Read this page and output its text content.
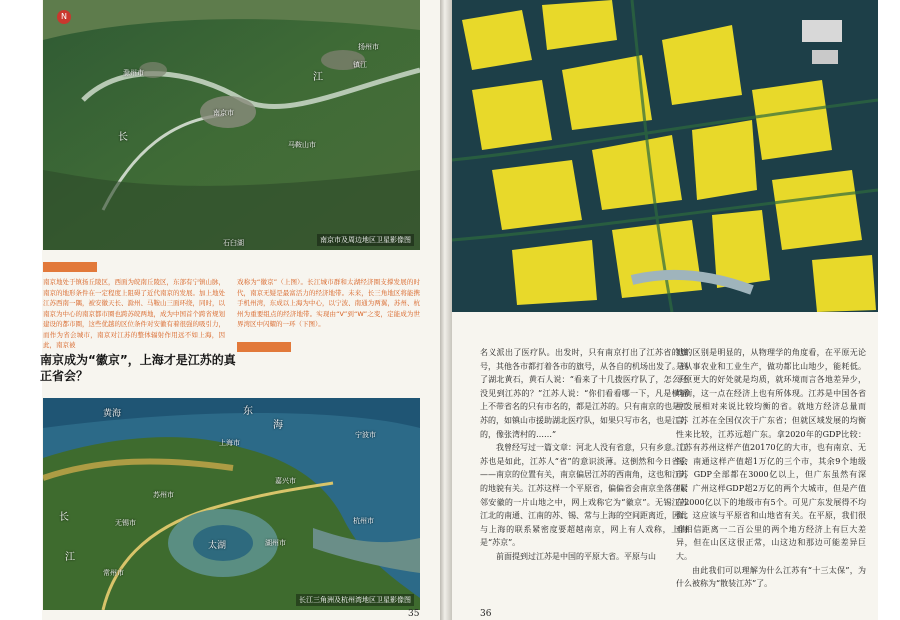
N
镇江
扬州市
南京市
马鞍山市
滁州市	江
长
石臼湖	南京市及周边地区卫星影像图
南京地处于镇扬丘陵区，西面为皖南丘陵区，东部有宁镇山脉，南京的地形条件在一定程度上阻碍了近代南京的发展。加上地处江苏西南一隅，被安徽天长、滁州、马鞍山三面环绕，同时，以南京为中心的南京都市圈也跨苏皖两地，成为中国首个跨省规划建设的都市圈，这些优越的区位条件对安徽有着很强的吸引力，而作为省会城市，南京对江苏的整体辐射作用远不如上海，因此，南京被
戏称为“徽京”（上图）。长江城市群和太湖经济圈支撑发展的时代，南京无疑是最富活力的经济地带。未来，长三角地区将能携手机州湾，东成以上海为中心，以宁波、南通为两翼，苏州、杭州为重要组点的经济地带。实现由“V”到“W”之变，定能成为世界湾区中闪耀的一环（下图）。
南京成为“徽京”，上海才是江苏的真正省会？
黄海	东
海
宁波市
上海市
嘉兴市
苏州市
太湖	湖州市
杭州市
无锡市
常州市
长
江
长江三角洲及杭州湾地区卫星影像图
35

名义派出了医疗队。出发时，只有南京打出了江苏省的旗号，其他各市都打着各市的旗号，从各自的机场出发了。到了湖北黄石，黄石人说：“看来了十几拨医疗队了，怎么还没见到江苏的？”江苏人说：“你们看看哪一下，凡是横幅上不带省名的只有市名的，都是江苏的。只有南京的也是江苏的，如镇山市援助湖北医疗队，如果只写市名，也是江苏的，像张湾村的……”

我曾经写过一篇文章：河北人没有省意，只有乡意。江苏也是如此，江苏人“省”的意识淡薄。这倒然和今日省会——南京的位置有关，南京偏居江苏的西南角，这也和江苏的地貌有关。江苏这样一个平原省，偏偏省会南京坐落在紧邻安徽的一片山地之中，网上戏称它为“徽京”。无锡江苏江北的南通、江南的苏、锡、常与上海的空间距离近，因此与上海的联系紧密度要超越南京，网上有人戏称，上海是“苏京”。

前面提到过江苏是中国的平原大省。平原与山

地的区别是明显的，从物理学的角度看，在平原无论是从事农业和工业生产，做功都比山地少，能耗低。平原更大的好处就是均质，就环境而言各地差异少，均衡，这一点在经济上也有所体现。江苏是中国各省中发展相对来说比较均衡的省。就地方经济总量而言，江苏在全国仅次于广东省；但就区域发展的均衡性来比较，江苏远超广东。拿2020年的GDP比较：江苏有苏州这样产值20170亿的大市，也有南京、无锡、南通这样产值超1万亿的三个市，其余9个地级市，GDP全部都在3000亿以上，但广东虽然有深圳、广州这样GDP超2万亿的两个大城市，但是产值在2000亿以下的地级市有5个。可见广东发展得不均衡。这应该与平原省和山地省有关。在平原，我们很难相信距离一二百公里的两个地方经济上有巨大差异，但在山区这很正常，山这边和那边可能差异巨大。

由此我们可以理解为什么江苏有“十三太保”，为什么被称为“散装江苏”了。

36
